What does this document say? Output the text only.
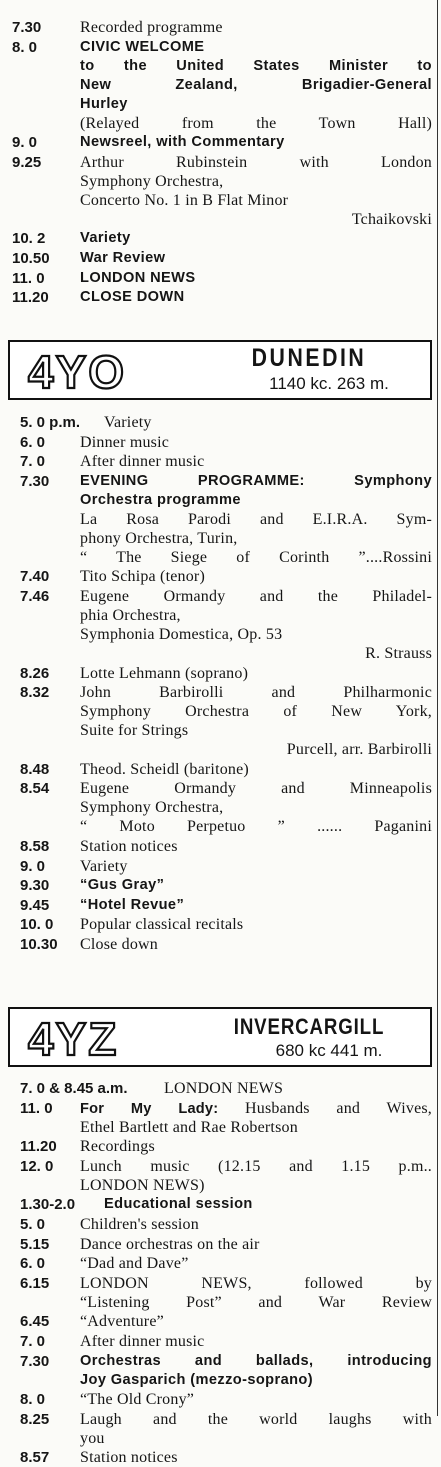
7.30	Recorded programme
8. 0	CIVIC WELCOME
to the United States Minister to
New Zealand, Brigadier-General
Hurley
(Relayed from the Town Hall)
9. 0	Newsreel, with Commentary
9.25	Arthur Rubinstein with London
Symphony Orchestra,
Concerto No. 1 in B Flat Minor
Tchaikovski
10. 2	Variety
10.50	War Review
11. 0	LONDON NEWS
11.20	CLOSE DOWN
4YO	DUNEDIN
1140 kc. 263 m.
5. 0 p.m.	Variety
6. 0	Dinner music
7. 0	After dinner music
7.30	EVENING PROGRAMME: Symphony
Orchestra programme
La Rosa Parodi and E.I.R.A. Sym-
phony Orchestra, Turin,
“ The Siege of Corinth ”....Rossini
7.40	Tito Schipa (tenor)
7.46	Eugene Ormandy and the Philadel-
phia Orchestra,
Symphonia Domestica, Op. 53
R. Strauss
8.26	Lotte Lehmann (soprano)
8.32	John Barbirolli and Philharmonic
Symphony Orchestra of New York,
Suite for Strings
Purcell, arr. Barbirolli
8.48	Theod. Scheidl (baritone)
8.54	Eugene Ormandy and Minneapolis
Symphony Orchestra,
“ Moto Perpetuo ” ...... Paganini
8.58	Station notices
9. 0	Variety
9.30	“Gus Gray”
9.45	“Hotel Revue”
10. 0	Popular classical recitals
10.30	Close down
4YZ	INVERCARGILL
680 kc 441 m.
7. 0 & 8.45 a.m. LONDON NEWS
11. 0	For My Lady: Husbands and Wives,
Ethel Bartlett and Rae Robertson
11.20	Recordings
12. 0	Lunch music (12.15 and 1.15 p.m..
LONDON NEWS)
1.30-2.0	Educational session
5. 0	Children's session
5.15	Dance orchestras on the air
6. 0	“Dad and Dave”
6.15	LONDON NEWS, followed by
“Listening Post” and War Review
6.45	“Adventure”
7. 0	After dinner music
7.30	Orchestras and ballads, introducing
Joy Gasparich (mezzo-soprano)
8. 0	“The Old Crony”
8.25	Laugh and the world laughs with
you
8.57	Station notices
